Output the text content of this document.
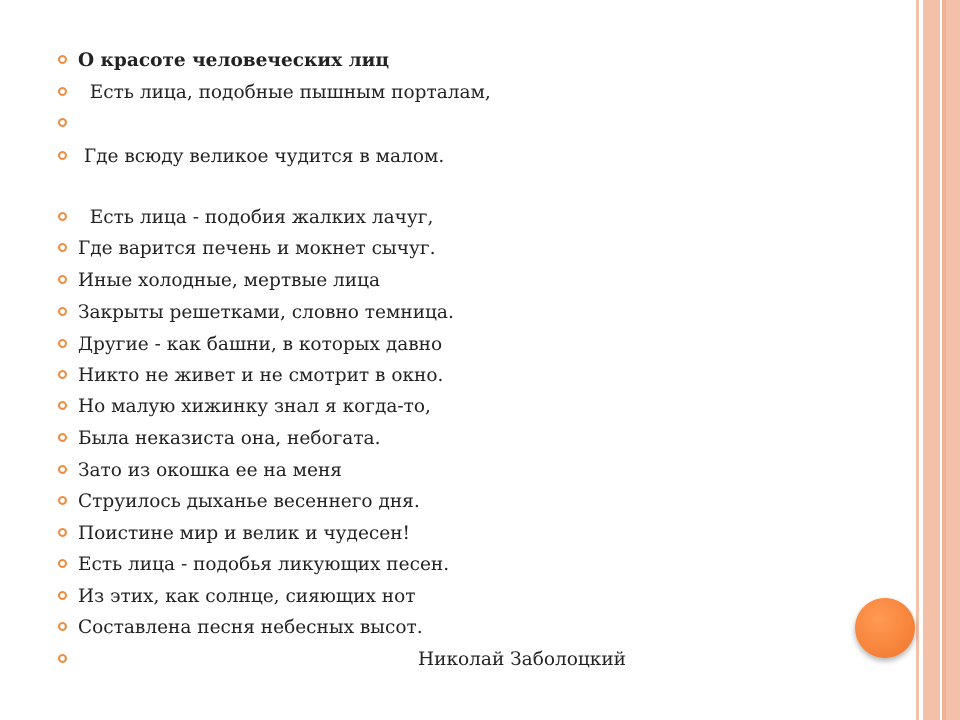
О красоте человеческих лиц

Есть лица, подобные пышным порталам,

Где всюду великое чудится в малом.

Есть лица - подобия жалких лачуг,

Где варится печень и мокнет сычуг.

Иные холодные, мертвые лица

Закрыты решетками, словно темница.

Другие - как башни, в которых давно

Никто не живет и не смотрит в окно.

Но малую хижинку знал я когда-то,

Была неказиста она, небогата.

Зато из окошка ее на меня

Струилось дыханье весеннего дня.

Поистине мир и велик и чудесен!

Есть лица - подобья ликующих песен.

Из этих, как солнце, сияющих нот

Составлена песня небесных высот.

Николай Заболоцкий
